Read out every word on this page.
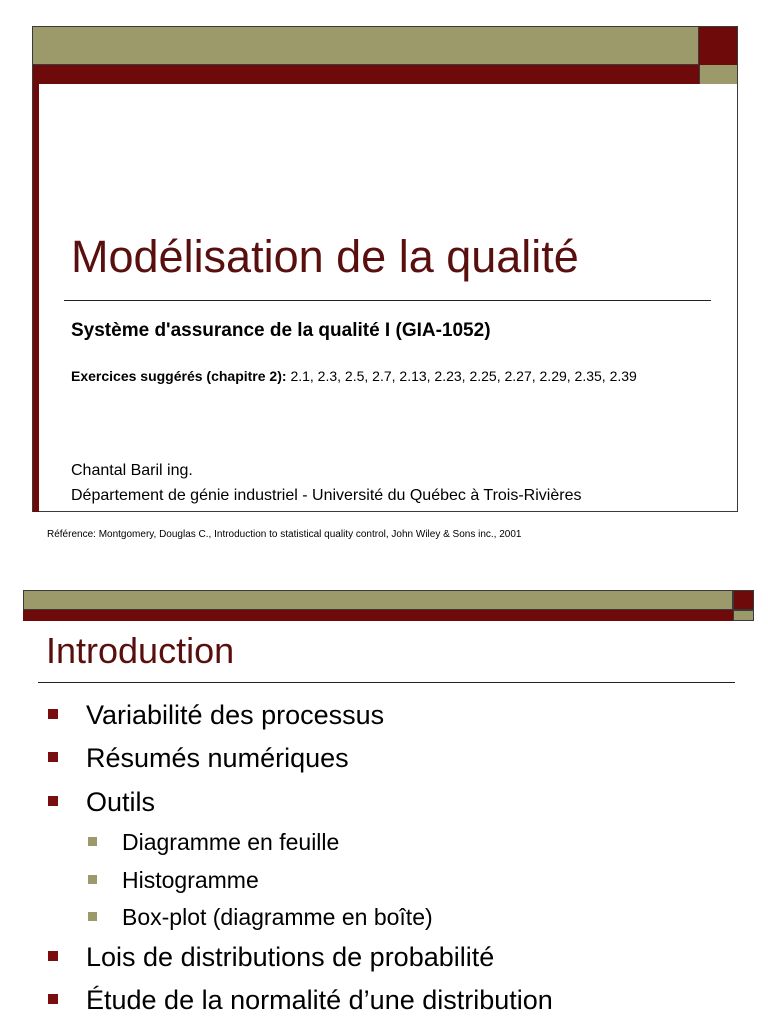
Modélisation de la qualité
Système d'assurance de la qualité I (GIA-1052)
Exercices suggérés (chapitre 2): 2.1, 2.3, 2.5, 2.7, 2.13, 2.23, 2.25, 2.27, 2.29, 2.35, 2.39
Chantal Baril ing.
Département de génie industriel - Université du Québec à Trois-Rivières
Référence: Montgomery, Douglas C., Introduction to statistical quality control, John Wiley & Sons inc., 2001
Introduction
Variabilité des processus
Résumés numériques
Outils
Diagramme en feuille
Histogramme
Box-plot (diagramme en boîte)
Lois de distributions de probabilité
Étude de la normalité d’une distribution
